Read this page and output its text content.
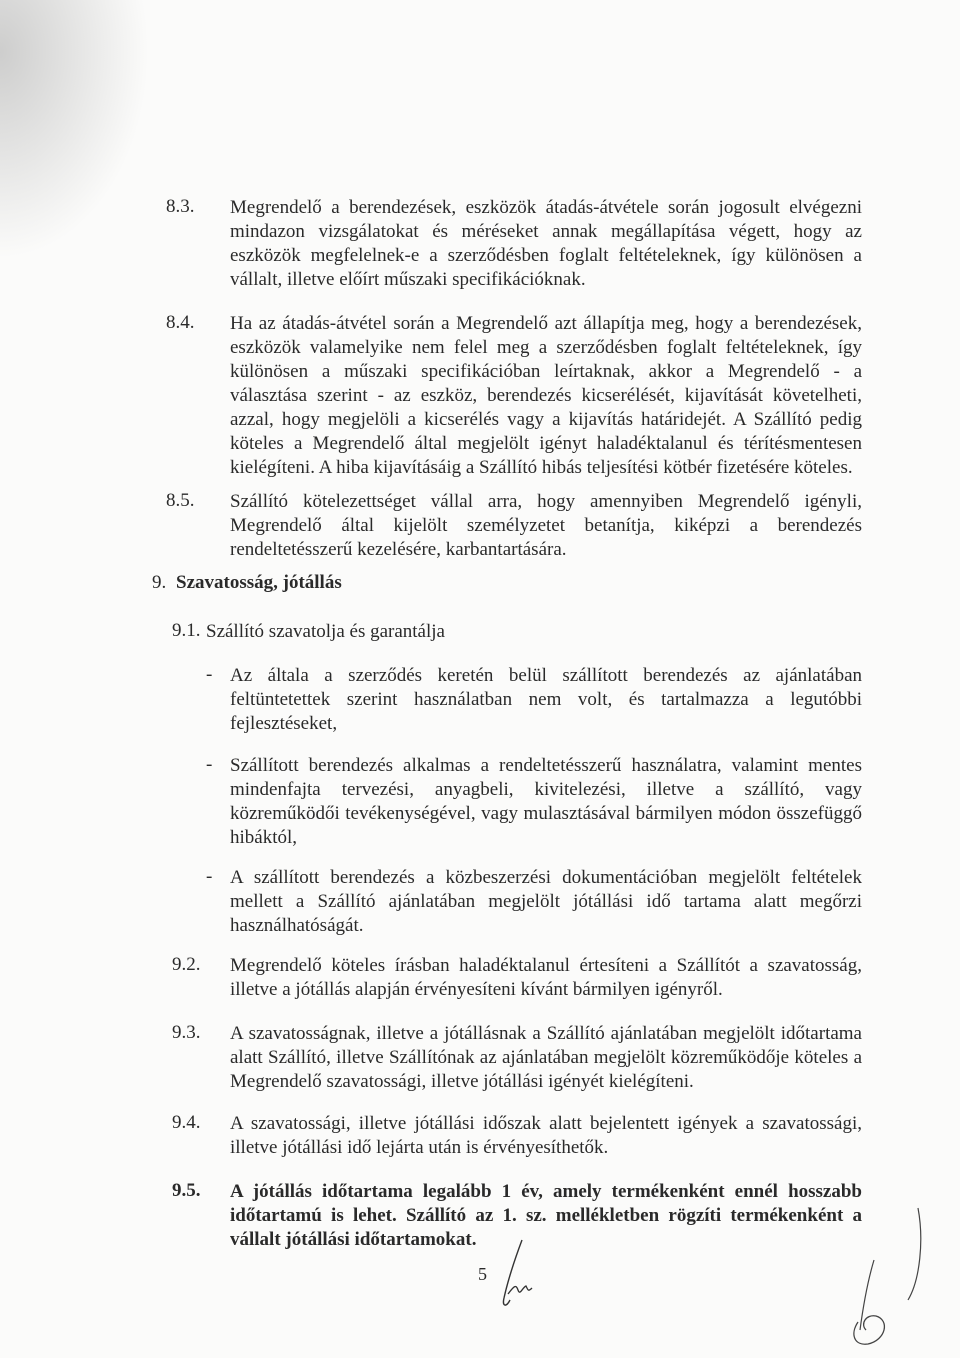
8.3. Megrendelő a berendezések, eszközök átadás-átvétele során jogosult elvégezni mindazon vizsgálatokat és méréseket annak megállapítása végett, hogy az eszközök megfelelnek-e a szerződésben foglalt feltételeknek, így különösen a vállalt, illetve előírt műszaki specifikációknak.
8.4. Ha az átadás-átvétel során a Megrendelő azt állapítja meg, hogy a berendezések, eszközök valamelyike nem felel meg a szerződésben foglalt feltételeknek, így különösen a műszaki specifikációban leírtaknak, akkor a Megrendelő - a választása szerint - az eszköz, berendezés kicserélését, kijavítását követelheti, azzal, hogy megjelöli a kicserélés vagy a kijavítás határidejét. A Szállító pedig köteles a Megrendelő által megjelölt igényt haladéktalanul és térítésmentesen kielégíteni. A hiba kijavításáig a Szállító hibás teljesítési kötbér fizetésére köteles.
8.5. Szállító kötelezettséget vállal arra, hogy amennyiben Megrendelő igényli, Megrendelő által kijelölt személyzetet betanítja, kiképzi a berendezés rendeltetésszerű kezelésére, karbantartására.
9. Szavatosság, jótállás
9.1. Szállító szavatolja és garantálja
- Az általa a szerződés keretén belül szállított berendezés az ajánlatában feltüntetettek szerint használatban nem volt, és tartalmazza a legutóbbi fejlesztéseket,
- Szállított berendezés alkalmas a rendeltetésszerű használatra, valamint mentes mindenfajta tervezési, anyagbeli, kivitelezési, illetve a szállító, vagy közreműködői tevékenységével, vagy mulasztásával bármilyen módon összefüggő hibáktól,
- A szállított berendezés a közbeszerzési dokumentációban megjelölt feltételek mellett a Szállító ajánlatában megjelölt jótállási idő tartama alatt megőrzi használhatóságát.
9.2. Megrendelő köteles írásban haladéktalanul értesíteni a Szállítót a szavatosság, illetve a jótállás alapján érvényesíteni kívánt bármilyen igényről.
9.3. A szavatosságnak, illetve a jótállásnak a Szállító ajánlatában megjelölt időtartama alatt Szállító, illetve Szállítónak az ajánlatában megjelölt közreműködője köteles a Megrendelő szavatossági, illetve jótállási igényét kielégíteni.
9.4. A szavatossági, illetve jótállási időszak alatt bejelentett igények a szavatossági, illetve jótállási idő lejárta után is érvényesíthetők.
9.5. A jótállás időtartama legalább 1 év, amely termékenként ennél hosszabb időtartamú is lehet. Szállító az 1. sz. mellékletben rögzíti termékenként a vállalt jótállási időtartamokat.
5
